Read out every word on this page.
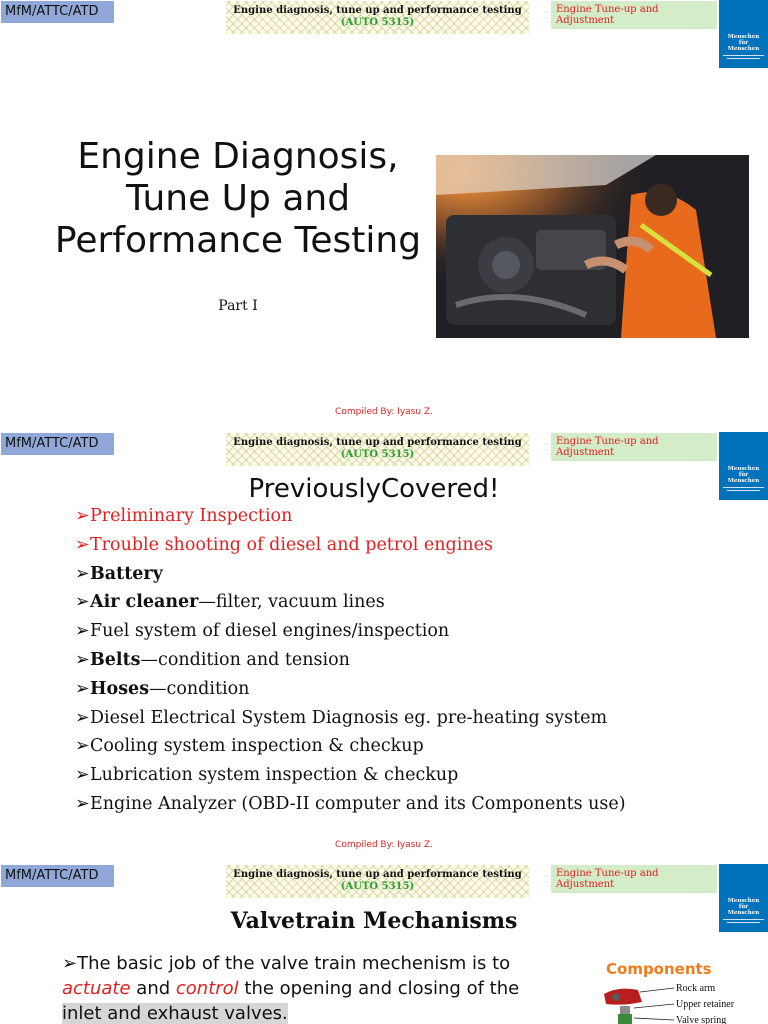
MfM/ATTC/ATD	Engine diagnosis, tune up and performance testing
(AUTO 5315)
Engine Tune-up and Adjustment
Menschen für Menschen
Engine Diagnosis, Tune Up and Performance Testing
Part I
Compiled By: Iyasu Z.
MfM/ATTC/ATD	Engine diagnosis, tune up and performance testing
(AUTO 5315)
Engine Tune-up and Adjustment
Menschen für Menschen
PreviouslyCovered!
➢Preliminary Inspection
➢Trouble shooting of diesel and petrol engines
➢Battery
➢Air cleaner—filter, vacuum lines
➢Fuel system of diesel engines/inspection
➢Belts—condition and tension
➢Hoses—condition
➢Diesel Electrical System Diagnosis eg. pre-heating system
➢Cooling system inspection & checkup
➢Lubrication system inspection & checkup
➢Engine Analyzer (OBD-II computer and its Components use)
Compiled By: Iyasu Z.
MfM/ATTC/ATD	Engine diagnosis, tune up and performance testing
(AUTO 5315)
Engine Tune-up and Adjustment
Menschen für Menschen
Valvetrain Mechanisms
➢The basic job of the valve train mechenism is to
actuate and control the opening and closing of the
inlet and exhaust valves.
Components
Rock arm
Upper retainer
Valve spring
